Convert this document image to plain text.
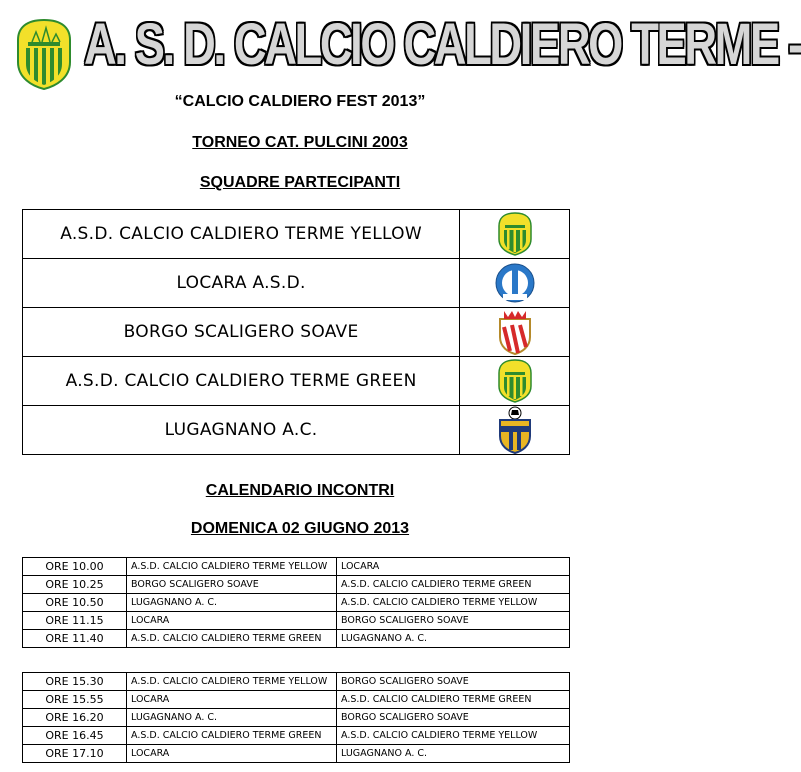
A. S. D. CALCIO CALDIERO TERME -
“CALCIO CALDIERO FEST 2013”
TORNEO CAT. PULCINI 2003
SQUADRE PARTECIPANTI
A.S.D. CALCIO CALDIERO TERME YELLOW	

LOCARA A.S.D.	

BORGO SCALIGERO SOAVE	

A.S.D. CALCIO CALDIERO TERME GREEN	

LUGAGNANO A.C.	
CALENDARIO INCONTRI
DOMENICA 02 GIUGNO 2013
ORE 10.00	A.S.D. CALCIO CALDIERO TERME YELLOW	LOCARA
ORE 10.25	BORGO SCALIGERO SOAVE	A.S.D. CALCIO CALDIERO TERME GREEN
ORE 10.50	LUGAGNANO A. C.	A.S.D. CALCIO CALDIERO TERME YELLOW
ORE 11.15	LOCARA	BORGO SCALIGERO SOAVE
ORE 11.40	A.S.D. CALCIO CALDIERO TERME GREEN	LUGAGNANO A. C.
ORE 15.30	A.S.D. CALCIO CALDIERO TERME YELLOW	BORGO SCALIGERO SOAVE
ORE 15.55	LOCARA	A.S.D. CALCIO CALDIERO TERME GREEN
ORE 16.20	LUGAGNANO A. C.	BORGO SCALIGERO SOAVE
ORE 16.45	A.S.D. CALCIO CALDIERO TERME GREEN	A.S.D. CALCIO CALDIERO TERME YELLOW
ORE 17.10	LOCARA	LUGAGNANO A. C.
